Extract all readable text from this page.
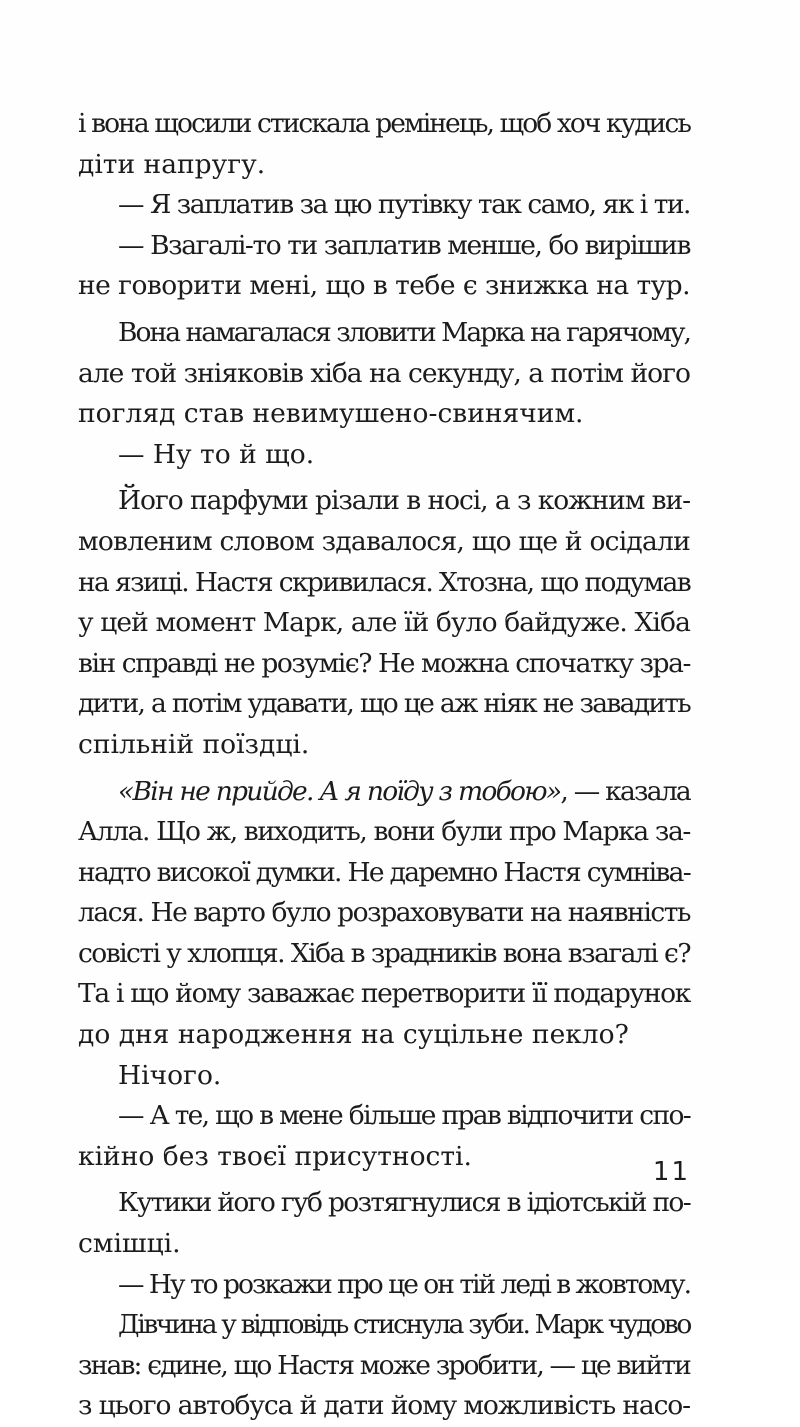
і вона щосили стискала ремінець, щоб хоч кудись
діти напругу.
— Я заплатив за цю путівку так само, як і ти.
— Взагалі-то ти заплатив менше, бо вирішив
не говорити мені, що в тебе є знижка на тур.
Вона намагалася зловити Марка на гарячому,
але той зніяковів хіба на секунду, а потім його
погляд став невимушено-свинячим.
— Ну то й що.
Його парфуми різали в носі, а з кожним ви-
мовленим словом здавалося, що ще й осідали
на язиці. Настя скривилася. Хтозна, що подумав
у цей момент Марк, але їй було байдуже. Хіба
він справді не розуміє? Не можна спочатку зра-
дити, а потім удавати, що це аж ніяк не завадить
спільній поїздці.
«Він не прийде. А я поїду з тобою», — казала
Алла. Що ж, виходить, вони були про Марка за-
надто високої думки. Не даремно Настя сумніва-
лася. Не варто було розраховувати на наявність
совісті у хлопця. Хіба в зрадників вона взагалі є?
Та і що йому заважає перетворити її подарунок
до дня народження на суцільне пекло?
Нічого.
— А те, що в мене більше прав відпочити спо-
кійно без твоєї присутності.
Кутики його губ розтягнулися в ідіотській по-
смішці.
— Ну то розкажи про це он тій леді в жовтому.
Дівчина у відповідь стиснула зуби. Марк чудово
знав: єдине, що Настя може зробити, — це вийти
з цього автобуса й дати йому можливість насо-
11
